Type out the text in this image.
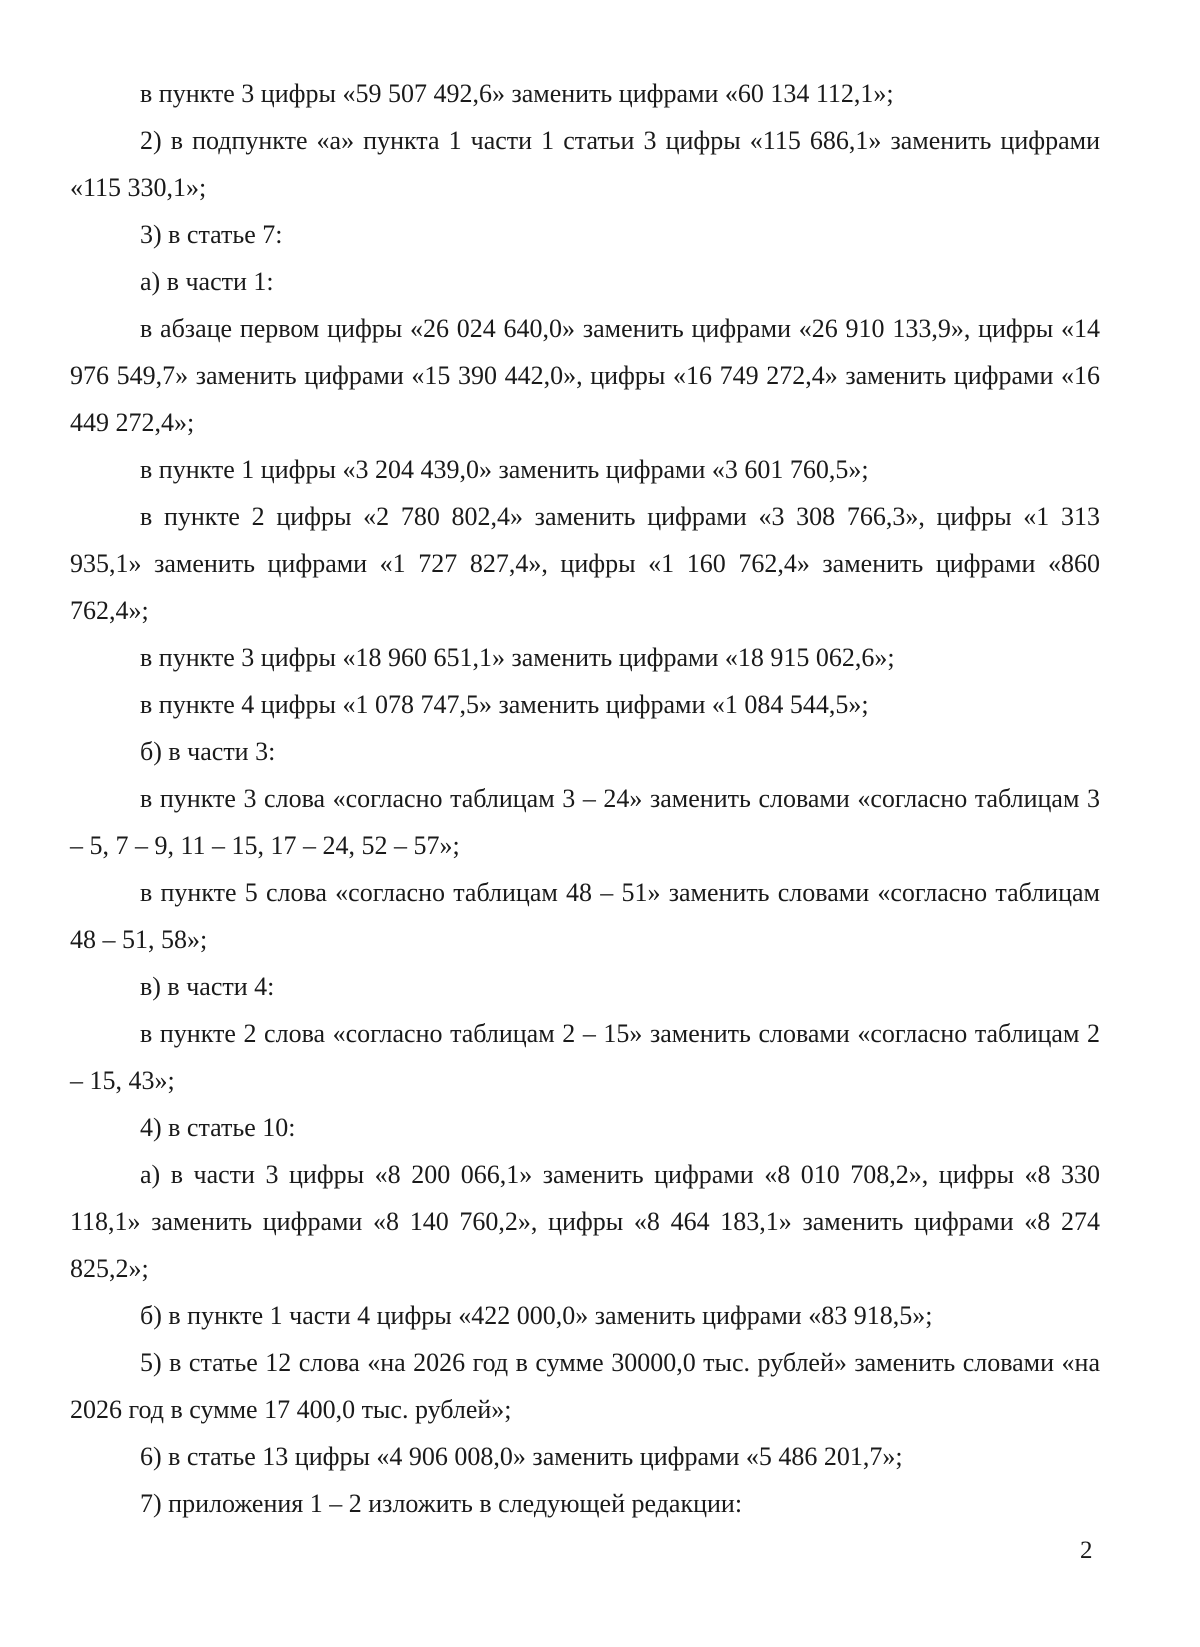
в пункте 3 цифры «59 507 492,6» заменить цифрами «60 134 112,1»;

2) в подпункте «а» пункта 1 части 1 статьи 3 цифры «115 686,1» заменить цифрами «115 330,1»;

3) в статье 7:

а) в части 1:

в абзаце первом цифры «26 024 640,0» заменить цифрами «26 910 133,9», цифры «14 976 549,7» заменить цифрами «15 390 442,0», цифры «16 749 272,4» заменить цифрами «16 449 272,4»;

в пункте 1 цифры «3 204 439,0» заменить цифрами «3 601 760,5»;

в пункте 2 цифры «2 780 802,4» заменить цифрами «3 308 766,3», цифры «1 313 935,1» заменить цифрами «1 727 827,4», цифры «1 160 762,4» заменить цифрами «860 762,4»;

в пункте 3 цифры «18 960 651,1» заменить цифрами «18 915 062,6»;

в пункте 4 цифры «1 078 747,5» заменить цифрами «1 084 544,5»;

б) в части 3:

в пункте 3 слова «согласно таблицам 3 – 24» заменить словами «согласно таблицам 3 – 5, 7 – 9, 11 – 15, 17 – 24, 52 – 57»;

в пункте 5 слова «согласно таблицам 48 – 51» заменить словами «согласно таблицам 48 – 51, 58»;

в) в части 4:

в пункте 2 слова «согласно таблицам 2 – 15» заменить словами «согласно таблицам 2 – 15, 43»;

4) в статье 10:

а) в части 3 цифры «8 200 066,1» заменить цифрами «8 010 708,2», цифры «8 330 118,1» заменить цифрами «8 140 760,2», цифры «8 464 183,1» заменить цифрами «8 274 825,2»;

б) в пункте 1 части 4 цифры «422 000,0» заменить цифрами «83 918,5»;

5) в статье 12 слова «на 2026 год в сумме 30000,0 тыс. рублей» заменить словами «на 2026 год в сумме 17 400,0 тыс. рублей»;

6) в статье 13 цифры «4 906 008,0» заменить цифрами «5 486 201,7»;

7) приложения 1 – 2 изложить в следующей редакции:

2
